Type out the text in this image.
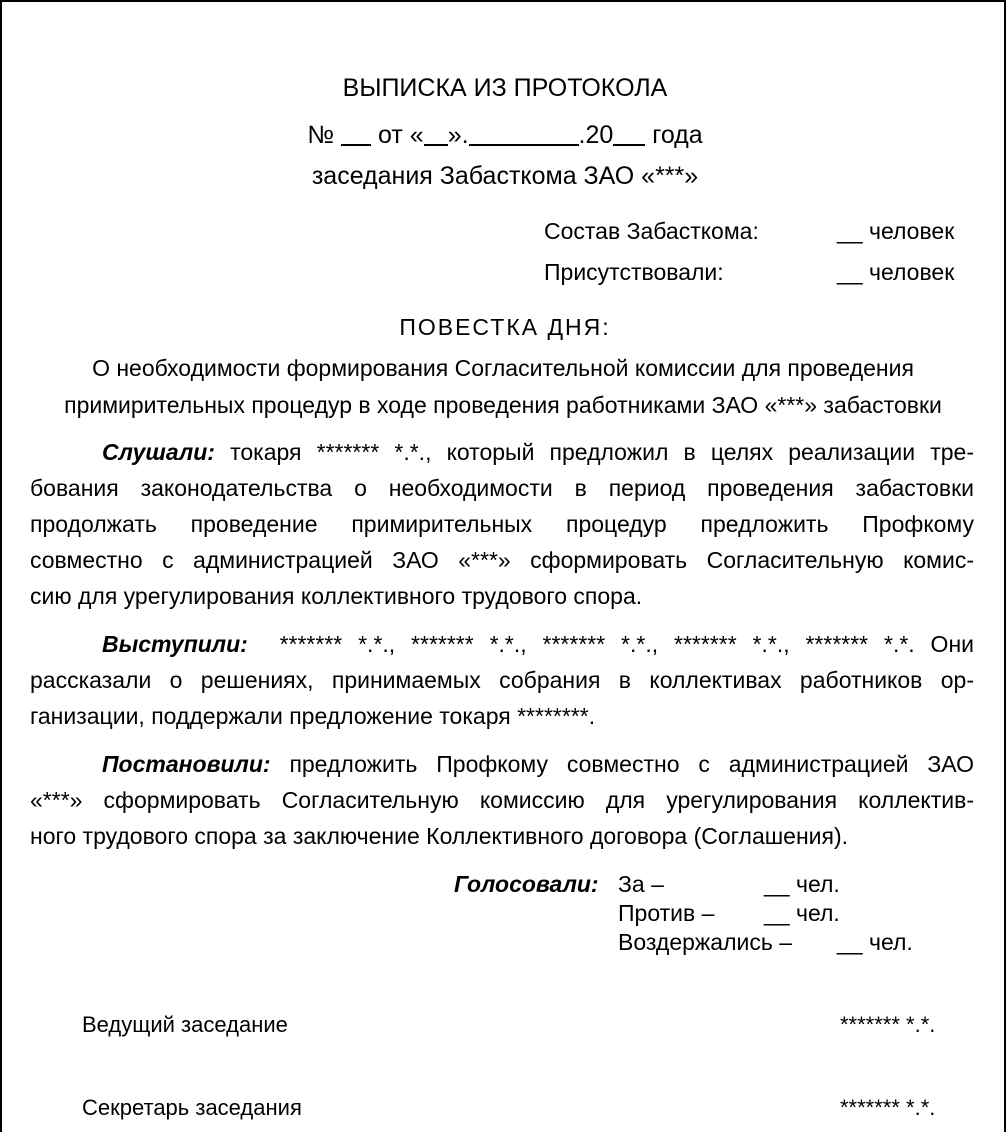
ВЫПИСКА ИЗ ПРОТОКОЛА
№ от « ».	.20 года
заседания Забасткома ЗАО «***»
Состав Забасткома:	__ человек
Присутствовали:	__ человек
ПОВЕСТКА ДНЯ:
О необходимости формирования Согласительной комиссии для проведения
примирительных процедур в ходе проведения работниками ЗАО «***» забастовки
Слушали: токаря ******* *.*., который предложил в целях реализации тре-
бования законодательства о необходимости в период проведения забастовки
продолжать проведение примирительных процедур предложить Профкому
совместно с администрацией ЗАО «***» сформировать Согласительную комис-
сию для урегулирования коллективного трудового спора.
Выступили: ******* *.*., ******* *.*., ******* *.*., ******* *.*., ******* *.*. Они
рассказали о решениях, принимаемых собрания в коллективах работников ор-
ганизации, поддержали предложение токаря ********.
Постановили: предложить Профкому совместно с администрацией ЗАО
«***» сформировать Согласительную комиссию для урегулирования коллектив-
ного трудового спора за заключение Коллективного договора (Соглашения).
Голосовали: За –	__ чел.
Против – __ чел.
Воздержались – __ чел.
Ведущий заседание	******* *.*.
Секретарь заседания	******* *.*.
